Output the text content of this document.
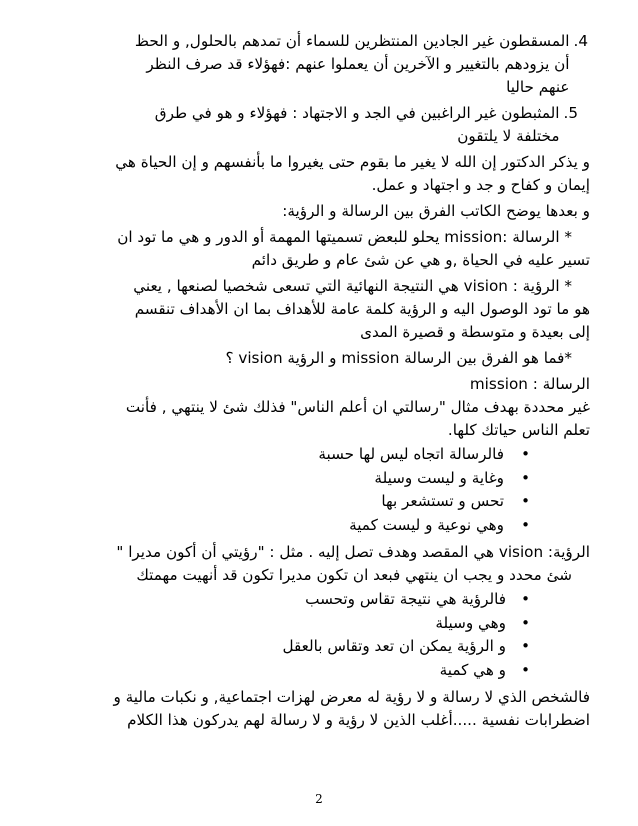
.4

المسقطون غير الجادين المنتظرين للسماء أن تمدهم بالحلول, و الحظ

أن يزودهم بالتغيير و الآخرين أن يعملوا عنهم :فهؤلاء قد صرف النظر

عنهم حاليا

.5

المثبطون غير الراغبين في الجد و الاجتهاد : فهؤلاء و هو في طرق

مختلفة لا يلتقون

و يذكر الدكتور إن الله لا يغير ما بقوم حتى يغيروا ما بأنفسهم و إن الحياة هي

إيمان و كفاح و جد و اجتهاد و عمل.

و بعدها يوضح الكاتب الفرق بين الرسالة و الرؤية:

* الرسالة :mission يحلو للبعض تسميتها المهمة أو الدور و هي ما تود ان

تسير عليه في الحياة ,و هي عن شئ عام و طريق دائم

* الرؤية : vision هي النتيجة النهائية التي تسعى شخصيا لصنعها , يعني

هو ما تود الوصول اليه و الرؤية كلمة عامة للأهداف بما ان الأهداف تنقسم

إلى بعيدة و متوسطة و قصيرة المدى

*فما هو الفرق بين الرسالة mission و الرؤية vision ؟

الرسالة : mission

غير محددة بهدف مثال "رسالتي ان أعلم الناس" فذلك شئ لا ينتهي , فأنت

تعلم الناس حياتك كلها.

•
فالرسالة اتجاه ليس لها حسبة
•
وغاية و ليست وسيلة
•
تحس و تستشعر بها
•
وهي نوعية و ليست كمية

الرؤية: vision هي المقصد وهدف تصل إليه . مثل : "رؤيتي أن أكون مديرا "

شئ محدد و يجب ان ينتهي فبعد ان تكون مديرا تكون قد أنهيت مهمتك

•
فالرؤية هي نتيجة تقاس وتحسب
•
وهي وسيلة
•
و الرؤية يمكن ان تعد وتقاس بالعقل
•
و هي كمية

فالشخص الذي لا رسالة و لا رؤية له معرض لهزات اجتماعية, و نكبات مالية و

اضطرابات نفسية .....أغلب الذين لا رؤية و لا رسالة لهم يدركون هذا الكلام

2
